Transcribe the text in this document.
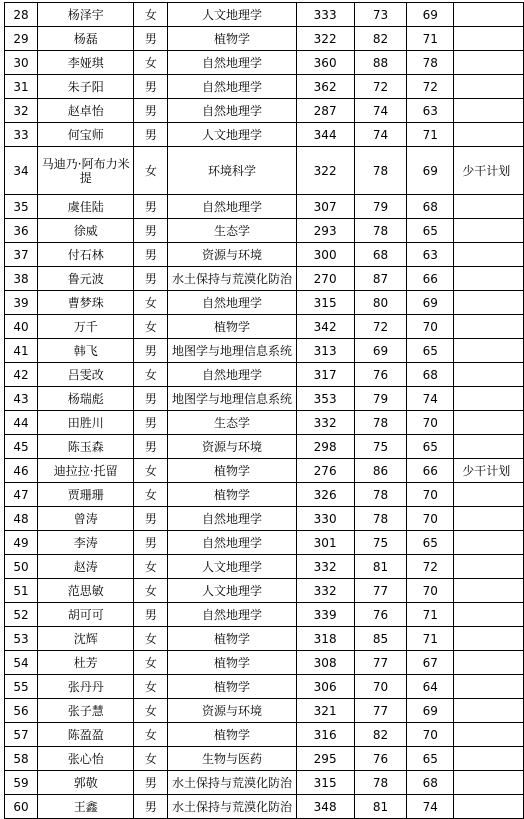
28	杨泽宇	女	人文地理学	333	73	69	
29	杨磊	男	植物学	322	82	71	
30	李娅琪	女	自然地理学	360	88	78	
31	朱子阳	男	自然地理学	362	72	72	
32	赵卓怡	男	自然地理学	287	74	63	
33	何宝师	男	人文地理学	344	74	71	
34	马迪乃·阿布力米提	女	环境科学	322	78	69	少干计划
35	虞佳陆	男	自然地理学	307	79	68	
36	徐威	男	生态学	293	78	65	
37	付石林	男	资源与环境	300	68	63	
38	鲁元波	男	水土保持与荒漠化防治	270	87	66	
39	曹梦珠	女	自然地理学	315	80	69	
40	万千	女	植物学	342	72	70	
41	韩飞	男	地图学与地理信息系统	313	69	65	
42	吕雯改	女	自然地理学	317	76	68	
43	杨瑞彪	男	地图学与地理信息系统	353	79	74	
44	田胜川	男	生态学	332	78	70	
45	陈玉森	男	资源与环境	298	75	65	
46	迪拉拉·托留	女	植物学	276	86	66	少干计划
47	贾珊珊	女	植物学	326	78	70	
48	曾涛	男	自然地理学	330	78	70	
49	李涛	男	自然地理学	301	75	65	
50	赵涛	女	人文地理学	332	81	72	
51	范思敏	女	人文地理学	332	77	70	
52	胡可可	男	自然地理学	339	76	71	
53	沈辉	女	植物学	318	85	71	
54	杜芳	女	植物学	308	77	67	
55	张丹丹	女	植物学	306	70	64	
56	张子慧	女	资源与环境	321	77	69	
57	陈盈盈	女	植物学	316	82	70	
58	张心怡	女	生物与医药	295	76	65	
59	郭敬	男	水土保持与荒漠化防治	315	78	68	
60	王鑫	男	水土保持与荒漠化防治	348	81	74	
